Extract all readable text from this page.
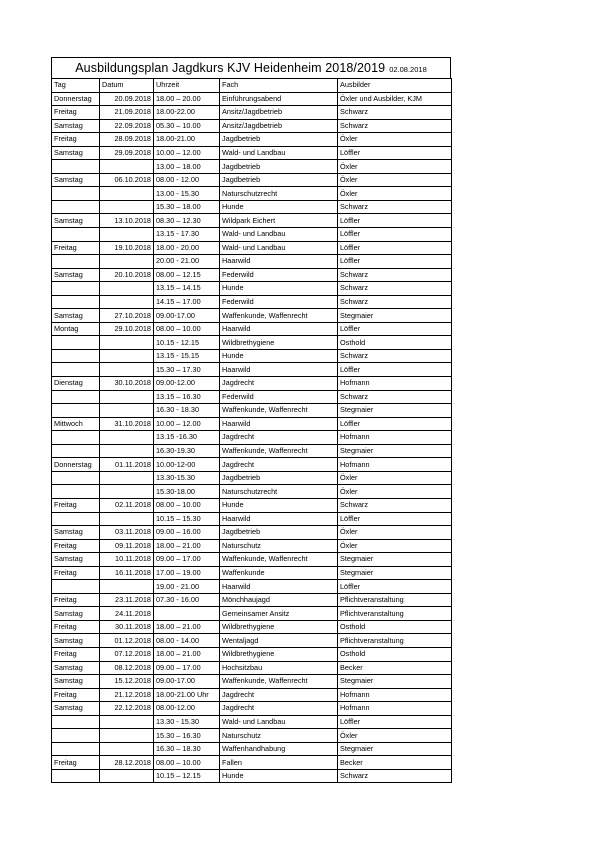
Ausbildungsplan Jagdkurs KJV Heidenheim 2018/2019 02.08.2018
Tag	Datum	Uhrzeit	Fach	Ausbilder
Donnerstag	20.09.2018	18.00 – 20.00	Einführungsabend	Öxler und Ausbilder, KJM
Freitag	21.09.2018	18.00-22.00	Ansitz/Jagdbetrieb	Schwarz
Samstag	22.09.2018	05.30 – 10.00	Ansitz/Jagdbetrieb	Schwarz
Freitag	28.09.2018	18.00-21.00	Jagdbetrieb	Öxler
Samstag	29.09.2018	10.00 – 12.00	Wald- und Landbau	Löffler
		13.00 – 18.00	Jagdbetrieb	Öxler
Samstag	06.10.2018	08.00 - 12.00	Jagdbetrieb	Öxler
		13.00 - 15.30	Naturschutzrecht	Öxler
		15.30 – 18.00	Hunde	Schwarz
Samstag	13.10.2018	08.30 – 12.30	Wildpark Eichert	Löffler
		13.15 - 17.30	Wald- und Landbau	Löffler
Freitag	19.10.2018	18.00 - 20.00	Wald- und Landbau	Löffler
		20.00 - 21.00	Haarwild	Löffler
Samstag	20.10.2018	08.00 – 12.15	Federwild	Schwarz
		13.15 – 14.15	Hunde	Schwarz
		14.15 – 17.00	Federwild	Schwarz
Samstag	27.10.2018	09.00-17.00	Waffenkunde, Waffenrecht	Stegmaier
Montag	29.10.2018	08.00 – 10.00	Haarwild	Löffler
		10.15 - 12.15	Wildbrethygiene	Osthold
		13.15 - 15.15	Hunde	Schwarz
		15.30 – 17.30	Haarwild	Löffler
Dienstag	30.10.2018	09.00-12.00	Jagdrecht	Hofmann
		13.15 – 16.30	Federwild	Schwarz
		16.30 - 18.30	Waffenkunde, Waffenrecht	Stegmaier
Mittwoch	31.10.2018	10.00 – 12.00	Haarwild	Löffler
		13.15 -16.30	Jagdrecht	Hofmann
		16.30-19.30	Waffenkunde, Waffenrecht	Stegmaier
Donnerstag	01.11.2018	10.00-12-00	Jagdrecht	Hofmann
		13.30-15.30	Jagdbetrieb	Öxler
		15.30-18.00	Naturschutzrecht	Öxler
Freitag	02.11.2018	08.00 – 10.00	Hunde	Schwarz
		10.15 – 15.30	Haarwild	Löffler
Samstag	03.11.2018	09.00 – 16.00	Jagdbetrieb	Öxler
Freitag	09.11.2018	18.00 – 21.00	Naturschutz	Öxler
Samstag	10.11.2018	09.00 – 17.00	Waffenkunde, Waffenrecht	Stegmaier
Freitag	16.11.2018	17.00 – 19.00	Waffenkunde	Stegmaier
		19.00 - 21.00	Haarwild	Löffler
Freitag	23.11.2018	07.30 - 16.00	Mönchhaujagd	Pflichtveranstaltung
Samstag	24.11.2018		Gemeinsamer Ansitz	Pflichtveranstaltung
Freitag	30.11.2018	18.00 – 21.00	Wildbrethygiene	Osthold
Samstag	01.12.2018	08.00 - 14.00	Wentaljagd	Pflichtveranstaltung
Freitag	07.12.2018	18.00 – 21.00	Wildbrethygiene	Osthold
Samstag	08.12.2018	09.00 – 17.00	Hochsitzbau	Becker
Samstag	15.12.2018	09.00-17.00	Waffenkunde, Waffenrecht	Stegmaier
Freitag	21.12.2018	18.00-21.00 Uhr	Jagdrecht	Hofmann
Samstag	22.12.2018	08.00-12.00	Jagdrecht	Hofmann
		13.30 - 15.30	Wald- und Landbau	Löffler
		15.30 – 16.30	Naturschutz	Öxler
		16.30 – 18.30	Waffenhandhabung	Stegmaier
Freitag	28.12.2018	08.00 – 10.00	Fallen	Becker
		10.15 – 12.15	Hunde	Schwarz
